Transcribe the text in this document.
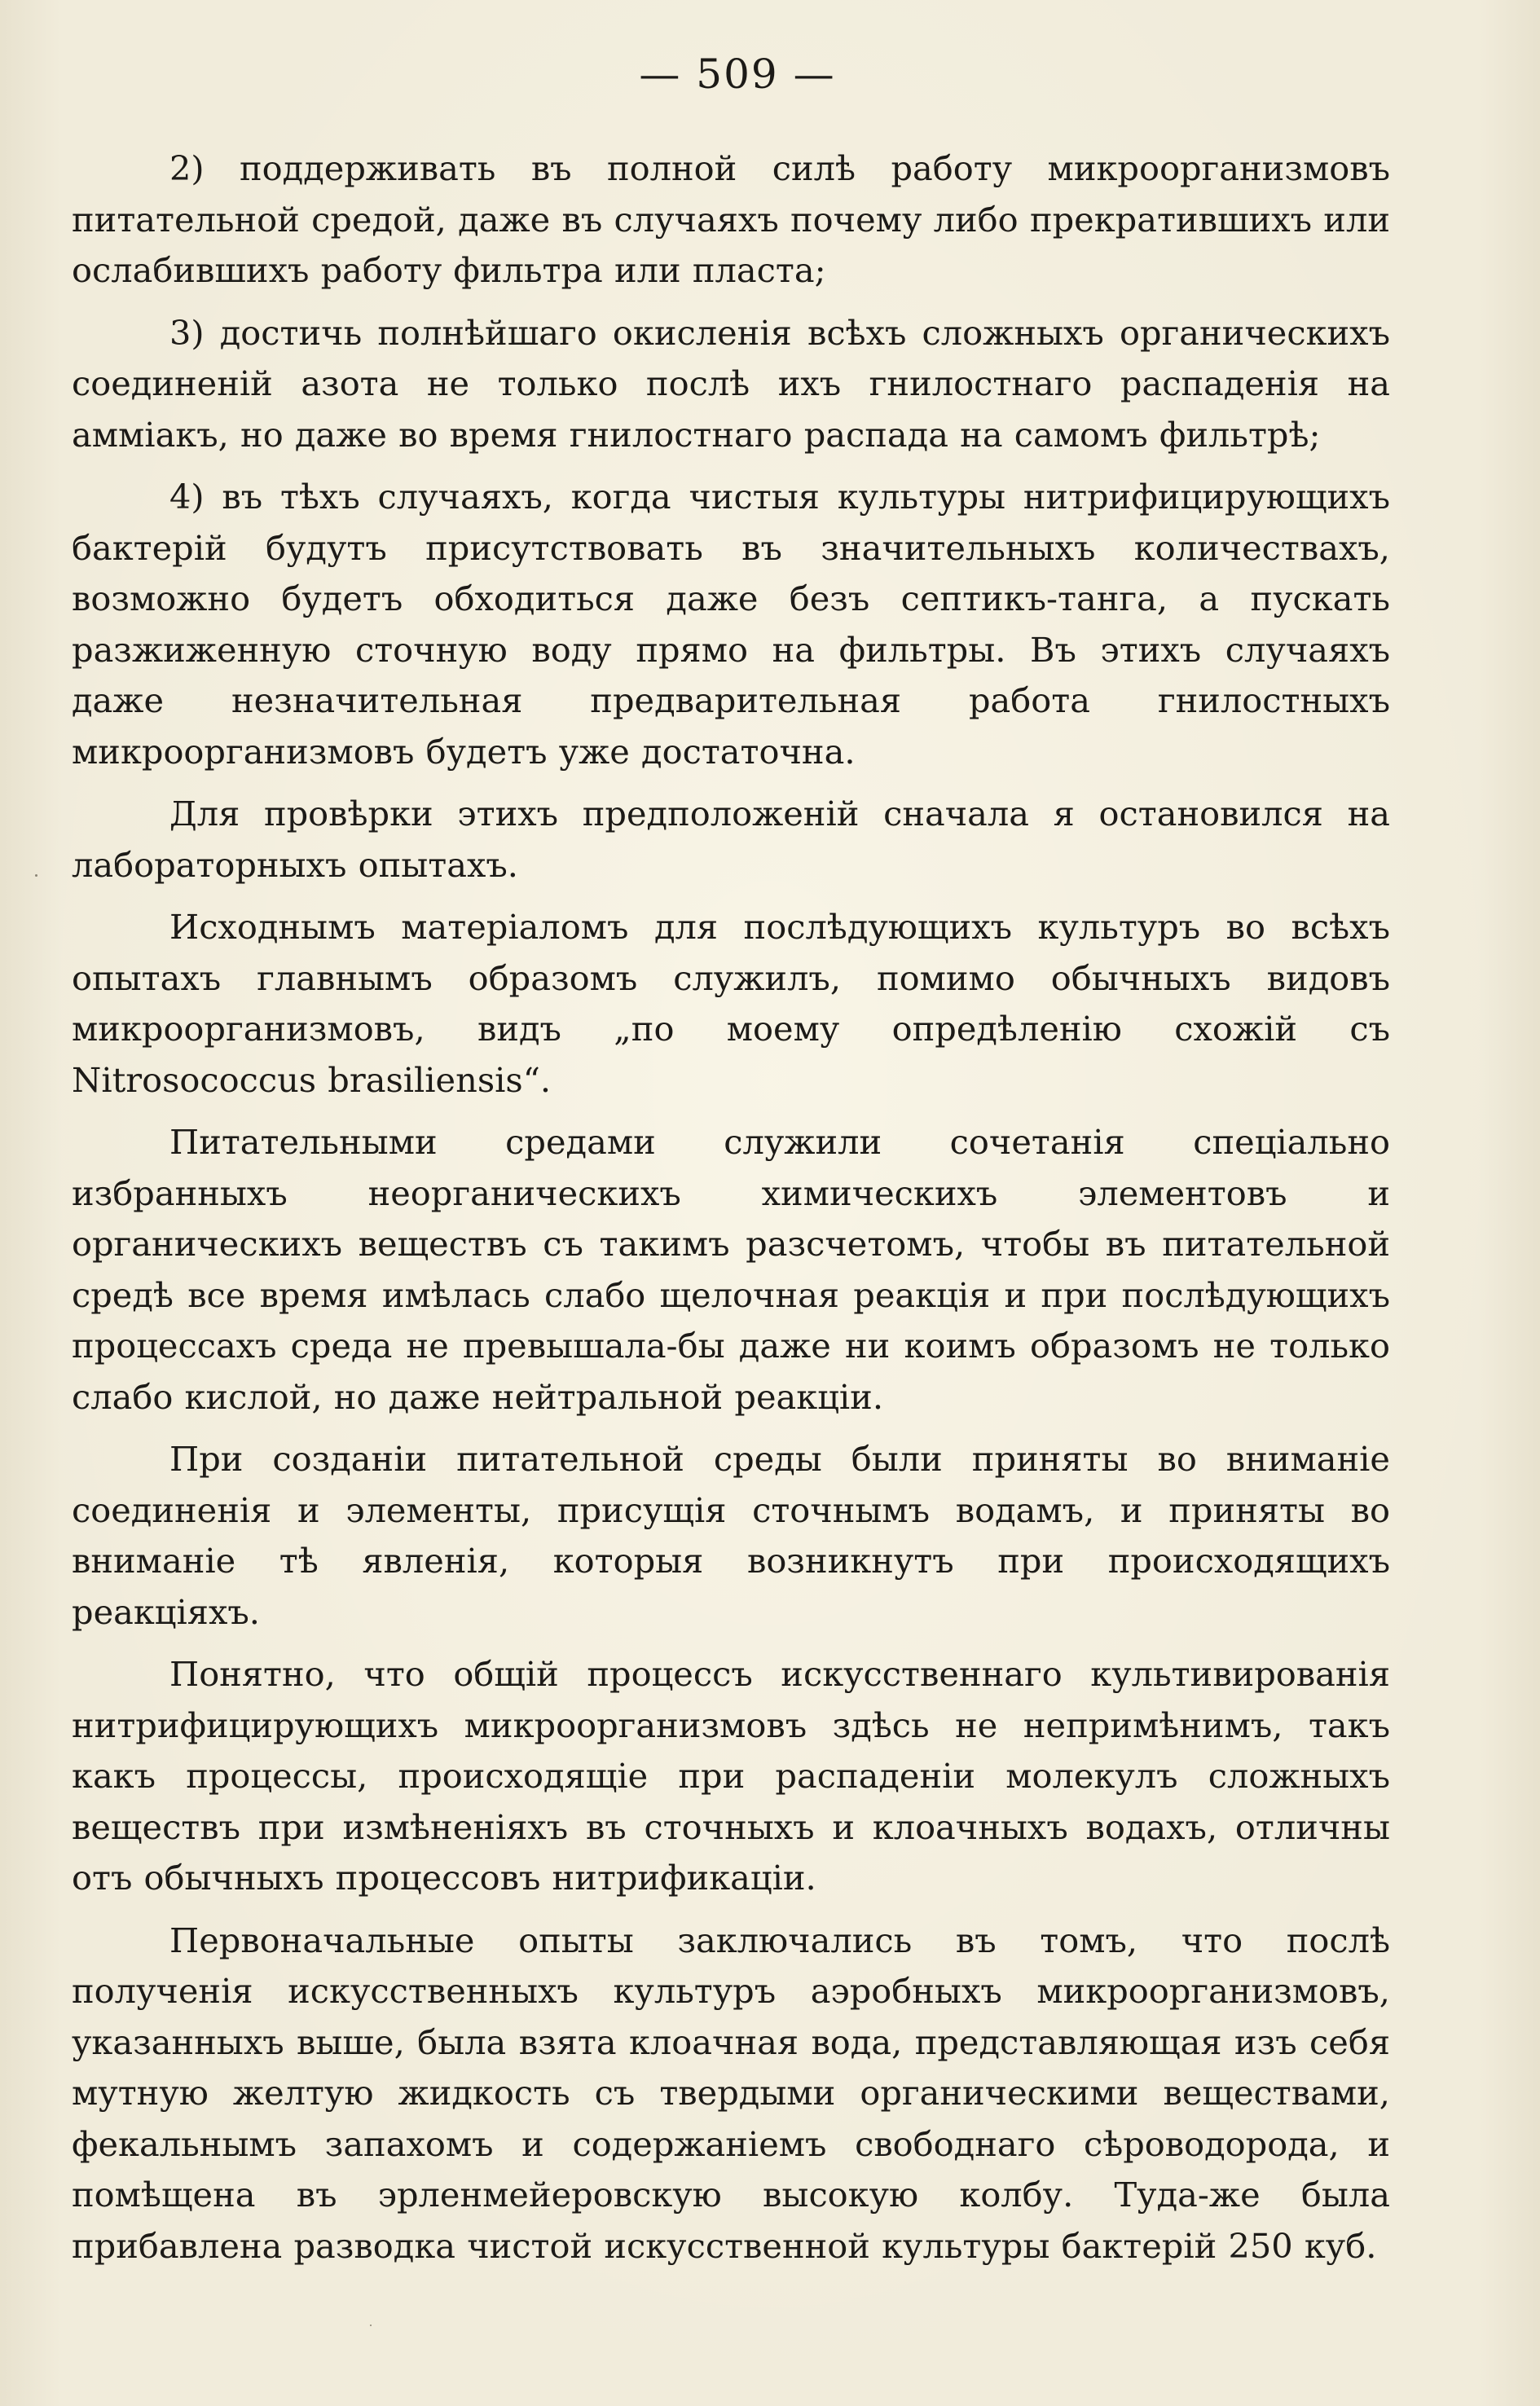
— 509 —

2) поддерживать въ полной силѣ работу микроорганизмовъ питательной средой, даже въ случаяхъ почему либо прекратившихъ или ослабившихъ работу фильтра или пласта;

3) достичь полнѣйшаго окисленія всѣхъ сложныхъ органическихъ соединеній азота не только послѣ ихъ гнилостнаго распаденія на амміакъ, но даже во время гнилостнаго распада на самомъ фильтрѣ;

4) въ тѣхъ случаяхъ, когда чистыя культуры нитрифицирующихъ бактерій будутъ присутствовать въ значительныхъ количествахъ, возможно будетъ обходиться даже безъ септикъ-танга, а пускать разжиженную сточную воду прямо на фильтры. Въ этихъ случаяхъ даже незначительная предварительная работа гнилостныхъ микроорганизмовъ будетъ уже достаточна.

Для провѣрки этихъ предположеній сначала я остановился на лабораторныхъ опытахъ.

Исходнымъ матеріаломъ для послѣдующихъ культуръ во всѣхъ опытахъ главнымъ образомъ служилъ, помимо обычныхъ видовъ микроорганизмовъ, видъ „по моему опредѣленію схожій съ Nitrosococcus brasiliensis“.

Питательными средами служили сочетанія спеціально избранныхъ неорганическихъ химическихъ элементовъ и органическихъ веществъ съ такимъ разсчетомъ, чтобы въ питательной средѣ все время имѣлась слабо щелочная реакція и при послѣдующихъ процессахъ среда не превышала-бы даже ни коимъ образомъ не только слабо кислой, но даже нейтральной реакціи.

При созданіи питательной среды были приняты во вниманіе соединенія и элементы, присущія сточнымъ водамъ, и приняты во вниманіе тѣ явленія, которыя возникнутъ при происходящихъ реакціяхъ.

Понятно, что общій процессъ искусственнаго культивированія нитрифицирующихъ микроорганизмовъ здѣсь не непримѣнимъ, такъ какъ процессы, происходящіе при распаденіи молекулъ сложныхъ веществъ при измѣненіяхъ въ сточныхъ и клоачныхъ водахъ, отличны отъ обычныхъ процессовъ нитрификаціи.

Первоначальные опыты заключались въ томъ, что послѣ полученія искусственныхъ культуръ аэробныхъ микроорганизмовъ, указанныхъ выше, была взята клоачная вода, представляющая изъ себя мутную желтую жидкость съ твердыми органическими веществами, фекальнымъ запахомъ и содержаніемъ свободнаго сѣроводорода, и помѣщена въ эрленмейеровскую высокую колбу. Туда-же была прибавлена разводка чистой искусственной культуры бактерій 250 куб.
